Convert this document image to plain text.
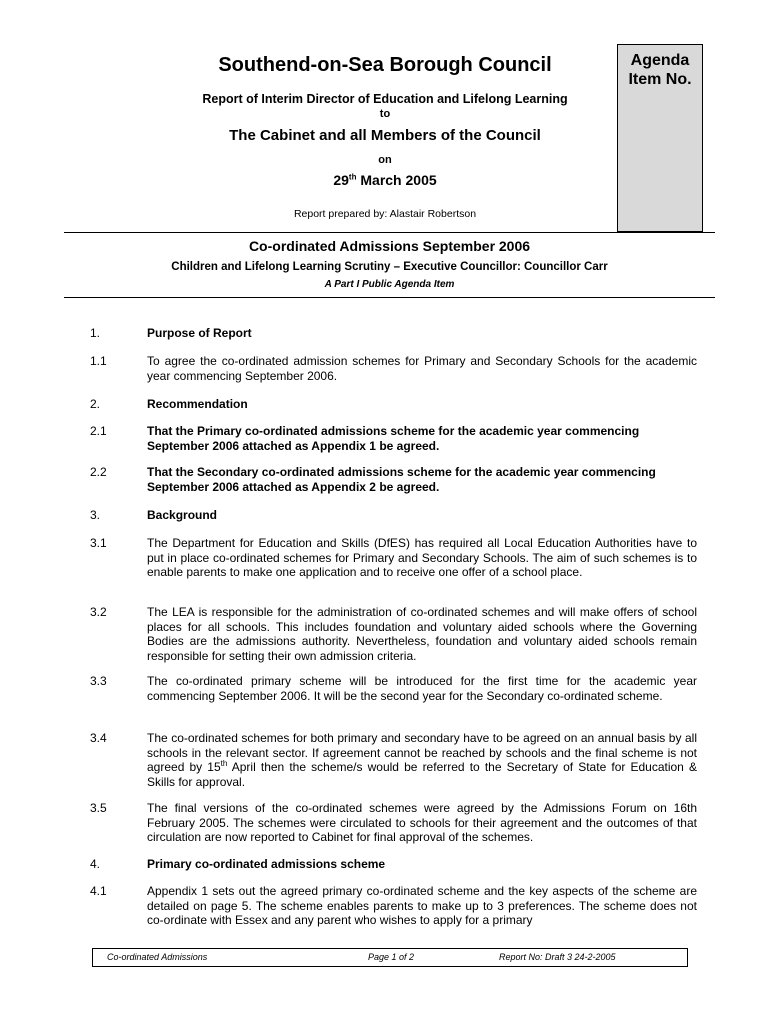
Agenda
Item No.
Southend-on-Sea Borough Council
Report of Interim Director of Education and Lifelong Learning
to
The Cabinet and all Members of the Council
on
29th March 2005
Report prepared by: Alastair Robertson
Co-ordinated Admissions September 2006
Children and Lifelong Learning Scrutiny – Executive Councillor: Councillor Carr
A Part I Public Agenda Item
1.	Purpose of Report
1.1	To agree the co-ordinated admission schemes for Primary and Secondary Schools for the academic year commencing September 2006.
2.	Recommendation
2.1	That the Primary co-ordinated admissions scheme for the academic year commencing September 2006 attached as Appendix 1 be agreed.
2.2	That the Secondary co-ordinated admissions scheme for the academic year commencing September 2006 attached as Appendix 2 be agreed.
3.	Background
3.1	The Department for Education and Skills (DfES) has required all Local Education Authorities have to put in place co-ordinated schemes for Primary and Secondary Schools. The aim of such schemes is to enable parents to make one application and to receive one offer of a school place.
3.2	The LEA is responsible for the administration of co-ordinated schemes and will make offers of school places for all schools. This includes foundation and voluntary aided schools where the Governing Bodies are the admissions authority. Nevertheless, foundation and voluntary aided schools remain responsible for setting their own admission criteria.
3.3	The co-ordinated primary scheme will be introduced for the first time for the academic year commencing September 2006. It will be the second year for the Secondary co-ordinated scheme.
3.4	The co-ordinated schemes for both primary and secondary have to be agreed on an annual basis by all schools in the relevant sector. If agreement cannot be reached by schools and the final scheme is not agreed by 15th April then the scheme/s would be referred to the Secretary of State for Education & Skills for approval.
3.5	The final versions of the co-ordinated schemes were agreed by the Admissions Forum on 16th February 2005. The schemes were circulated to schools for their agreement and the outcomes of that circulation are now reported to Cabinet for final approval of the schemes.
4.	Primary co-ordinated admissions scheme
4.1	Appendix 1 sets out the agreed primary co-ordinated scheme and the key aspects of the scheme are detailed on page 5. The scheme enables parents to make up to 3 preferences. The scheme does not co-ordinate with Essex and any parent who wishes to apply for a primary
Co-ordinated Admissions	Page 1 of 2	Report No: Draft 3 24-2-2005
